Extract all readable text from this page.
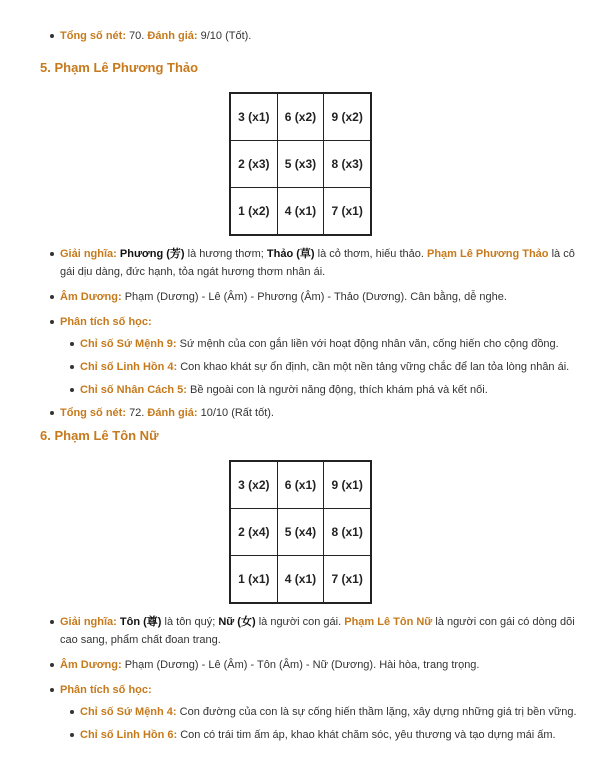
Tổng số nét: 70. Đánh giá: 9/10 (Tốt).
5. Phạm Lê Phương Thảo
3 (x1)	6 (x2)	9 (x2)
2 (x3)	5 (x3)	8 (x3)
1 (x2)	4 (x1)	7 (x1)
Giải nghĩa: Phương (芳) là hương thơm; Thảo (草) là cỏ thơm, hiếu thảo. Phạm Lê Phương Thảo là cô
gái dịu dàng, đức hạnh, tỏa ngát hương thơm nhân ái.
Âm Dương: Phạm (Dương) - Lê (Âm) - Phương (Âm) - Thảo (Dương). Cân bằng, dễ nghe.
Phân tích số học:
Chỉ số Sứ Mệnh 9: Sứ mệnh của con gắn liền với hoạt động nhân văn, cống hiến cho cộng đồng.
Chỉ số Linh Hồn 4: Con khao khát sự ổn định, cần một nền tảng vững chắc để lan tỏa lòng nhân ái.
Chỉ số Nhân Cách 5: Bề ngoài con là người năng động, thích khám phá và kết nối.
Tổng số nét: 72. Đánh giá: 10/10 (Rất tốt).
6. Phạm Lê Tôn Nữ
3 (x2)	6 (x1)	9 (x1)
2 (x4)	5 (x4)	8 (x1)
1 (x1)	4 (x1)	7 (x1)
Giải nghĩa: Tôn (尊) là tôn quý; Nữ (女) là người con gái. Phạm Lê Tôn Nữ là người con gái có dòng dõi
cao sang, phẩm chất đoan trang.
Âm Dương: Phạm (Dương) - Lê (Âm) - Tôn (Âm) - Nữ (Dương). Hài hòa, trang trọng.
Phân tích số học:
Chỉ số Sứ Mệnh 4: Con đường của con là sự cống hiến thầm lặng, xây dựng những giá trị bền vững.
Chỉ số Linh Hồn 6: Con có trái tim ấm áp, khao khát chăm sóc, yêu thương và tạo dựng mái ấm.
